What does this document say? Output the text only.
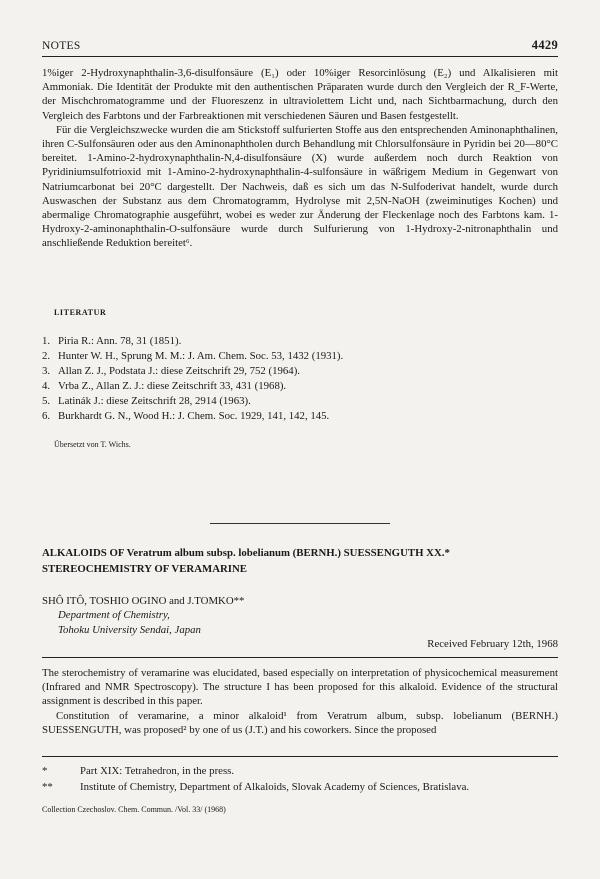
NOTES	4429

1%iger 2-Hydroxynaphthalin-3,6-disulfonsäure (E₁) oder 10%iger Resorcinlösung (E₂) und Alkalisieren mit Ammoniak. Die Identität der Produkte mit den authentischen Präparaten wurde durch den Vergleich der R_F-Werte, der Mischchromatogramme und der Fluoreszenz in ultraviolettem Licht und, nach Sichtbarmachung, durch den Vergleich des Farbtons und der Farbreaktionen mit verschiedenen Säuren und Basen festgestellt.

Für die Vergleichszwecke wurden die am Stickstoff sulfurierten Stoffe aus den entsprechenden Aminonaphthalinen, ihren C-Sulfonsäuren oder aus den Aminonaphtholen durch Behandlung mit Chlorsulfonsäure in Pyridin bei 20—80°C bereitet. 1-Amino-2-hydroxynaphthalin-N,4-disulfonsäure (X) wurde außerdem noch durch Reaktion von Pyridiniumsulfotrioxid mit 1-Amino-2-hydroxynaphthalin-4-sulfonsäure in wäßrigem Medium in Gegenwart von Natriumcarbonat bei 20°C dargestellt. Der Nachweis, daß es sich um das N-Sulfoderivat handelt, wurde durch Auswaschen der Substanz aus dem Chromatogramm, Hydrolyse mit 2,5N-NaOH (zweiminutiges Kochen) und abermalige Chromatographie ausgeführt, wobei es weder zur Änderung der Fleckenlage noch des Farbtons kam. 1-Hydroxy-2-aminonaphthalin-O-sulfonsäure wurde durch Sulfurierung von 1-Hydroxy-2-nitronaphthalin und anschließende Reduktion bereitet⁶.

LITERATUR
1. Piria R.: Ann. 78, 31 (1851).
2. Hunter W. H., Sprung M. M.: J. Am. Chem. Soc. 53, 1432 (1931).
3. Allan Z. J., Podstata J.: diese Zeitschrift 29, 752 (1964).
4. Vrba Z., Allan Z. J.: diese Zeitschrift 33, 431 (1968).
5. Latinák J.: diese Zeitschrift 28, 2914 (1963).
6. Burkhardt G. N., Wood H.: J. Chem. Soc. 1929, 141, 142, 145.
Übersetzt von T. Wichs.
ALKALOIDS OF Veratrum album subsp. lobelianum (BERNH.) SUESSENGUTH XX.*
STEREOCHEMISTRY OF VERAMARINE
SHÔ ITÔ, TOSHIO OGINO and J.TOMKO**
Department of Chemistry,
Tohoku University Sendai, Japan
Received February 12th, 1968

The sterochemistry of veramarine was elucidated, based especially on interpretation of physicochemical measurement (Infrared and NMR Spectroscopy). The structure I has been proposed for this alkaloid. Evidence of the structural assignment is described in this paper.

Constitution of veramarine, a minor alkaloid¹ from Veratrum album, subsp. lobelianum (BERNH.) SUESSENGUTH, was proposed² by one of us (J.T.) and his coworkers. Since the proposed

*	Part XIX: Tetrahedron, in the press.
**	Institute of Chemistry, Department of Alkaloids, Slovak Academy of Sciences, Bratislava.
Collection Czechoslov. Chem. Commun. /Vol. 33/ (1968)
